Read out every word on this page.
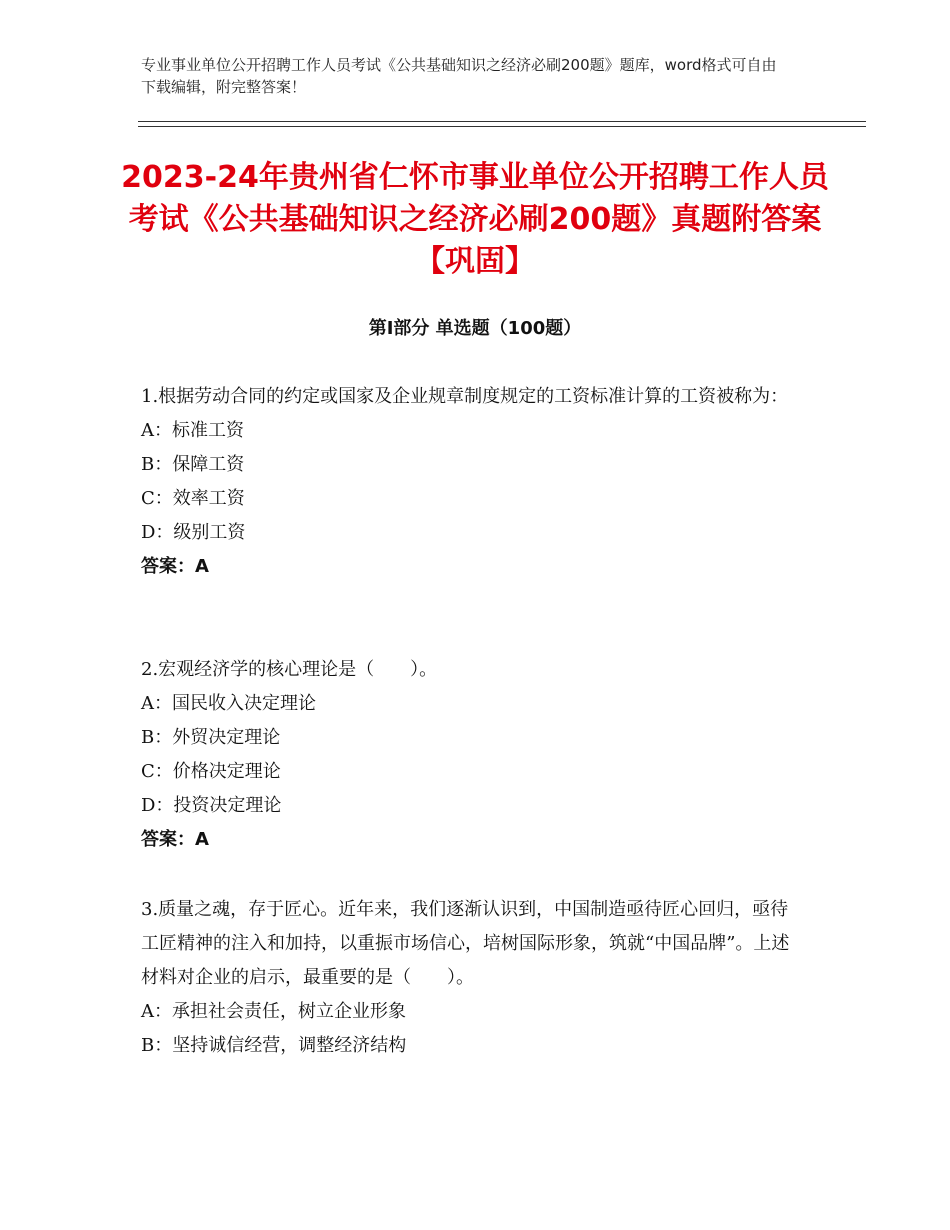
专业事业单位公开招聘工作人员考试《公共基础知识之经济必刷200题》题库，word格式可自由下载编辑，附完整答案！
2023-24年贵州省仁怀市事业单位公开招聘工作人员考试《公共基础知识之经济必刷200题》真题附答案【巩固】
第Ⅰ部分 单选题（100题）
1.根据劳动合同的约定或国家及企业规章制度规定的工资标准计算的工资被称为：
A：标准工资
B：保障工资
C：效率工资
D：级别工资
答案：A
2.宏观经济学的核心理论是（　　）。
A：国民收入决定理论
B：外贸决定理论
C：价格决定理论
D：投资决定理论
答案：A
3.质量之魂，存于匠心。近年来，我们逐渐认识到，中国制造亟待匠心回归，亟待工匠精神的注入和加持，以重振市场信心，培树国际形象，筑就“中国品牌”。上述材料对企业的启示，最重要的是（　　）。
A：承担社会责任，树立企业形象
B：坚持诚信经营，调整经济结构
